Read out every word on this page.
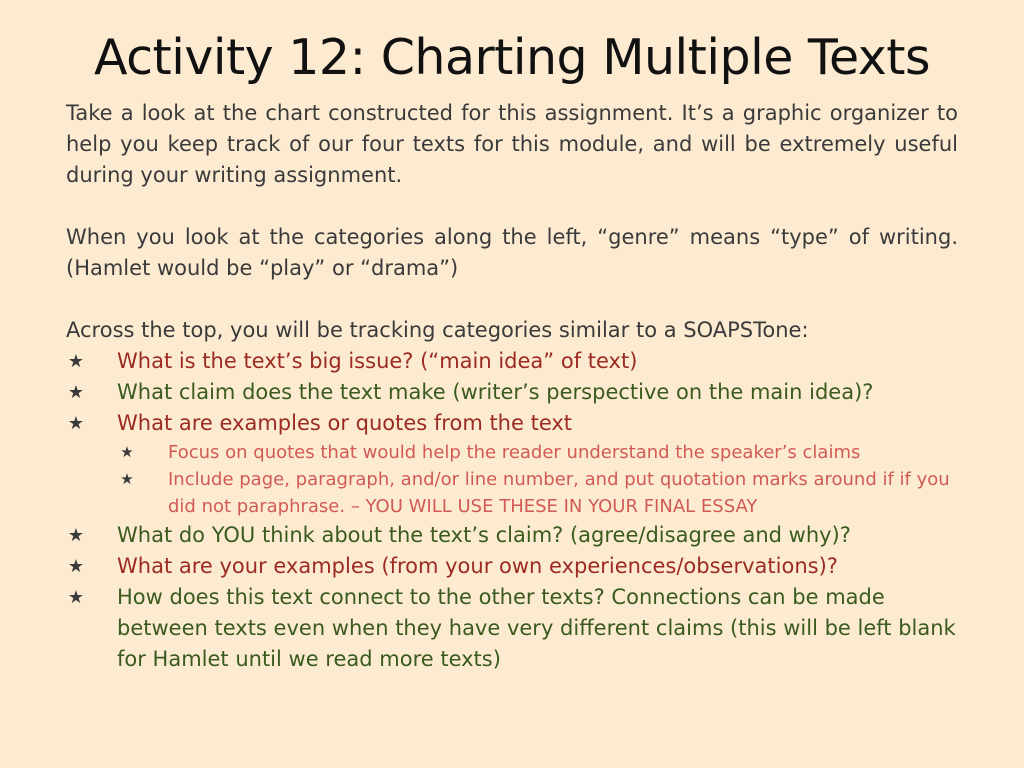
Activity 12: Charting Multiple Texts

Take a look at the chart constructed for this assignment. It’s a graphic organizer to help you keep track of our four texts for this module, and will be extremely useful during your writing assignment.

When you look at the categories along the left, “genre” means “type” of writing. (Hamlet would be “play” or “drama”)

Across the top, you will be tracking categories similar to a SOAPSTone:

★ What is the text’s big issue? (“main idea” of text)
★ What claim does the text make (writer’s perspective on the main idea)?
★ What are examples or quotes from the text
★ Focus on quotes that would help the reader understand the speaker’s claims
★ Include page, paragraph, and/or line number, and put quotation marks around if if you did not paraphrase. – YOU WILL USE THESE IN YOUR FINAL ESSAY
★ What do YOU think about the text’s claim? (agree/disagree and why)?
★ What are your examples (from your own experiences/observations)?
★ How does this text connect to the other texts? Connections can be made between texts even when they have very different claims (this will be left blank for Hamlet until we read more texts)
